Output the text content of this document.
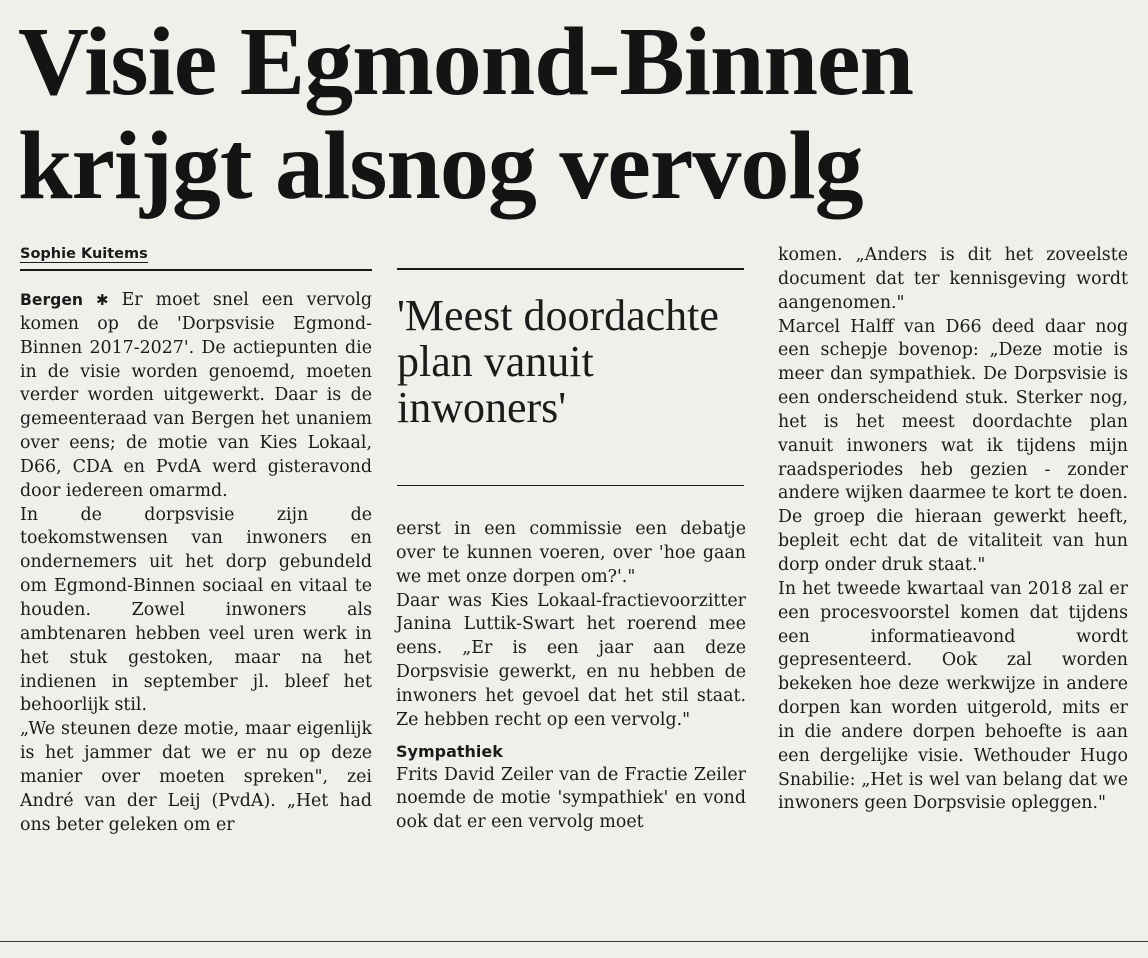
Visie Egmond-Binnen
krijgt alsnog vervolg
Sophie Kuitems

Bergen ✱ Er moet snel een vervolg komen op de 'Dorpsvisie Egmond-Binnen 2017-2027'. De actiepunten die in de visie worden genoemd, moeten verder worden uitgewerkt. Daar is de gemeenteraad van Bergen het unaniem over eens; de motie van Kies Lokaal, D66, CDA en PvdA werd gisteravond door iedereen omarmd.

In de dorpsvisie zijn de toekomstwensen van inwoners en ondernemers uit het dorp gebundeld om Egmond-Binnen sociaal en vitaal te houden. Zowel inwoners als ambtenaren hebben veel uren werk in het stuk gestoken, maar na het indienen in september jl. bleef het behoorlijk stil.

„We steunen deze motie, maar eigenlijk is het jammer dat we er nu op deze manier over moeten spreken", zei André van der Leij (PvdA). „Het had ons beter geleken om er

'Meest doordachte
plan vanuit
inwoners'

eerst in een commissie een debatje over te kunnen voeren, over 'hoe gaan we met onze dorpen om?'."

Daar was Kies Lokaal-fractievoorzitter Janina Luttik-Swart het roerend mee eens. „Er is een jaar aan deze Dorpsvisie gewerkt, en nu hebben de inwoners het gevoel dat het stil staat. Ze hebben recht op een vervolg."

Sympathiek

Frits David Zeiler van de Fractie Zeiler noemde de motie 'sympathiek' en vond ook dat er een vervolg moet

komen. „Anders is dit het zoveelste document dat ter kennisgeving wordt aangenomen."

Marcel Halff van D66 deed daar nog een schepje bovenop: „Deze motie is meer dan sympathiek. De Dorpsvisie is een onderscheidend stuk. Sterker nog, het is het meest doordachte plan vanuit inwoners wat ik tijdens mijn raadsperiodes heb gezien - zonder andere wijken daarmee te kort te doen. De groep die hieraan gewerkt heeft, bepleit echt dat de vitaliteit van hun dorp onder druk staat."

In het tweede kwartaal van 2018 zal er een procesvoorstel komen dat tijdens een informatieavond wordt gepresenteerd. Ook zal worden bekeken hoe deze werkwijze in andere dorpen kan worden uitgerold, mits er in die andere dorpen behoefte is aan een dergelijke visie. Wethouder Hugo Snabilie: „Het is wel van belang dat we inwoners geen Dorpsvisie opleggen."
